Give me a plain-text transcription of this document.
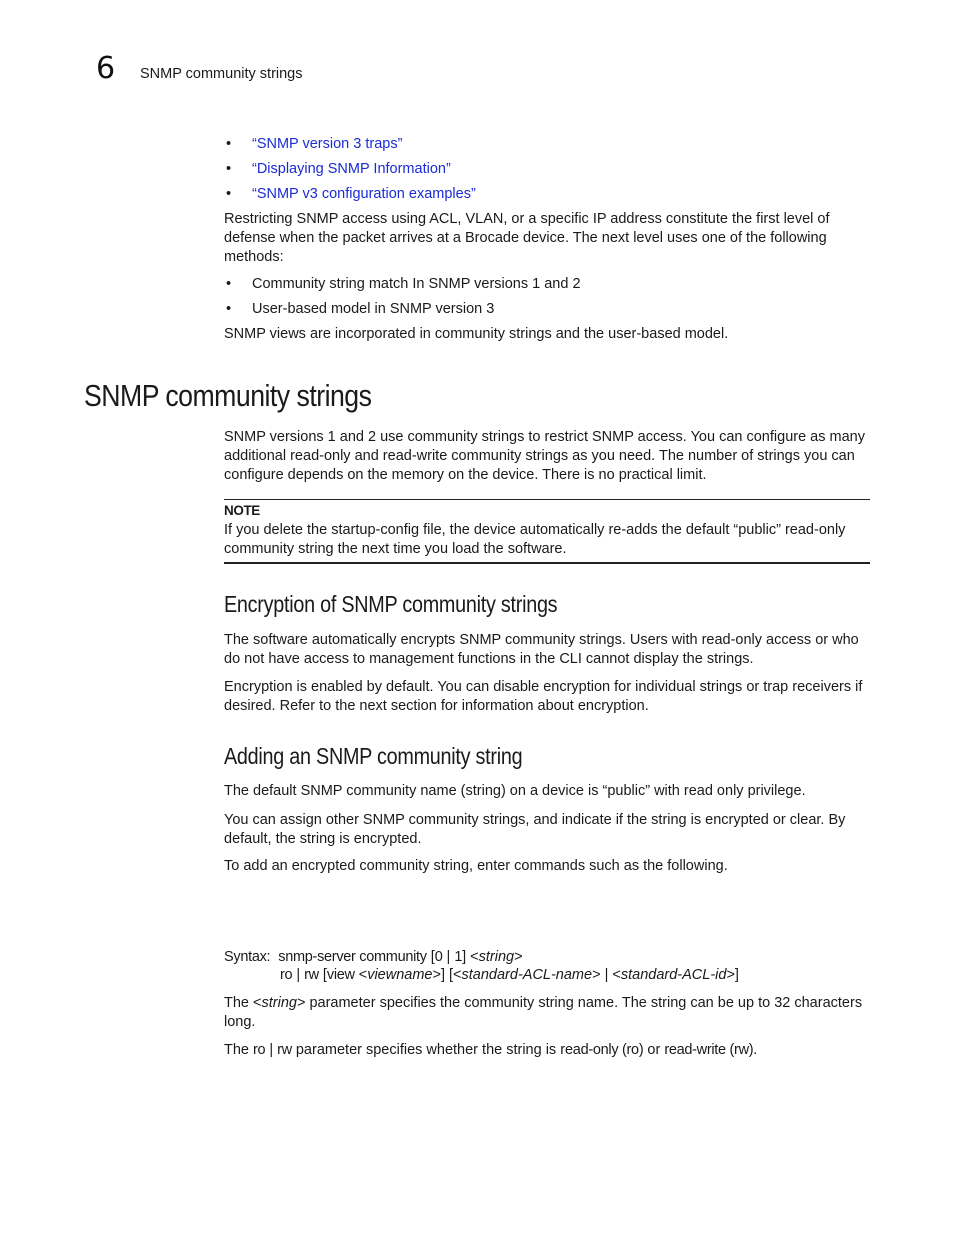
6 SNMP community strings
•	“SNMP version 3 traps”
•	“Displaying SNMP Information”
•	“SNMP v3 configuration examples”

Restricting SNMP access using ACL, VLAN, or a specific IP address constitute the first level of defense when the packet arrives at a Brocade device. The next level uses one of the following methods:

•	Community string match In SNMP versions 1 and 2
•	User-based model in SNMP version 3

SNMP views are incorporated in community strings and the user-based model.

SNMP community strings

SNMP versions 1 and 2 use community strings to restrict SNMP access. You can configure as many additional read-only and read-write community strings as you need. The number of strings you can configure depends on the memory on the device. There is no practical limit.

NOTE

If you delete the startup-config file, the device automatically re-adds the default “public” read-only community string the next time you load the software.

Encryption of SNMP community strings

The software automatically encrypts SNMP community strings. Users with read-only access or who do not have access to management functions in the CLI cannot display the strings.

Encryption is enabled by default. You can disable encryption for individual strings or trap receivers if desired. Refer to the next section for information about encryption.

Adding an SNMP community string

The default SNMP community name (string) on a device is “public” with read only privilege.

You can assign other SNMP community strings, and indicate if the string is encrypted or clear. By default, the string is encrypted.

To add an encrypted community string, enter commands such as the following.

Syntax: snmp-server community [0 | 1] <string>
ro | rw [view <viewname>] [<standard-ACL-name> | <standard-ACL-id>]

The <string> parameter specifies the community string name. The string can be up to 32 characters long.

The ro | rw parameter specifies whether the string is read-only (ro) or read-write (rw).
